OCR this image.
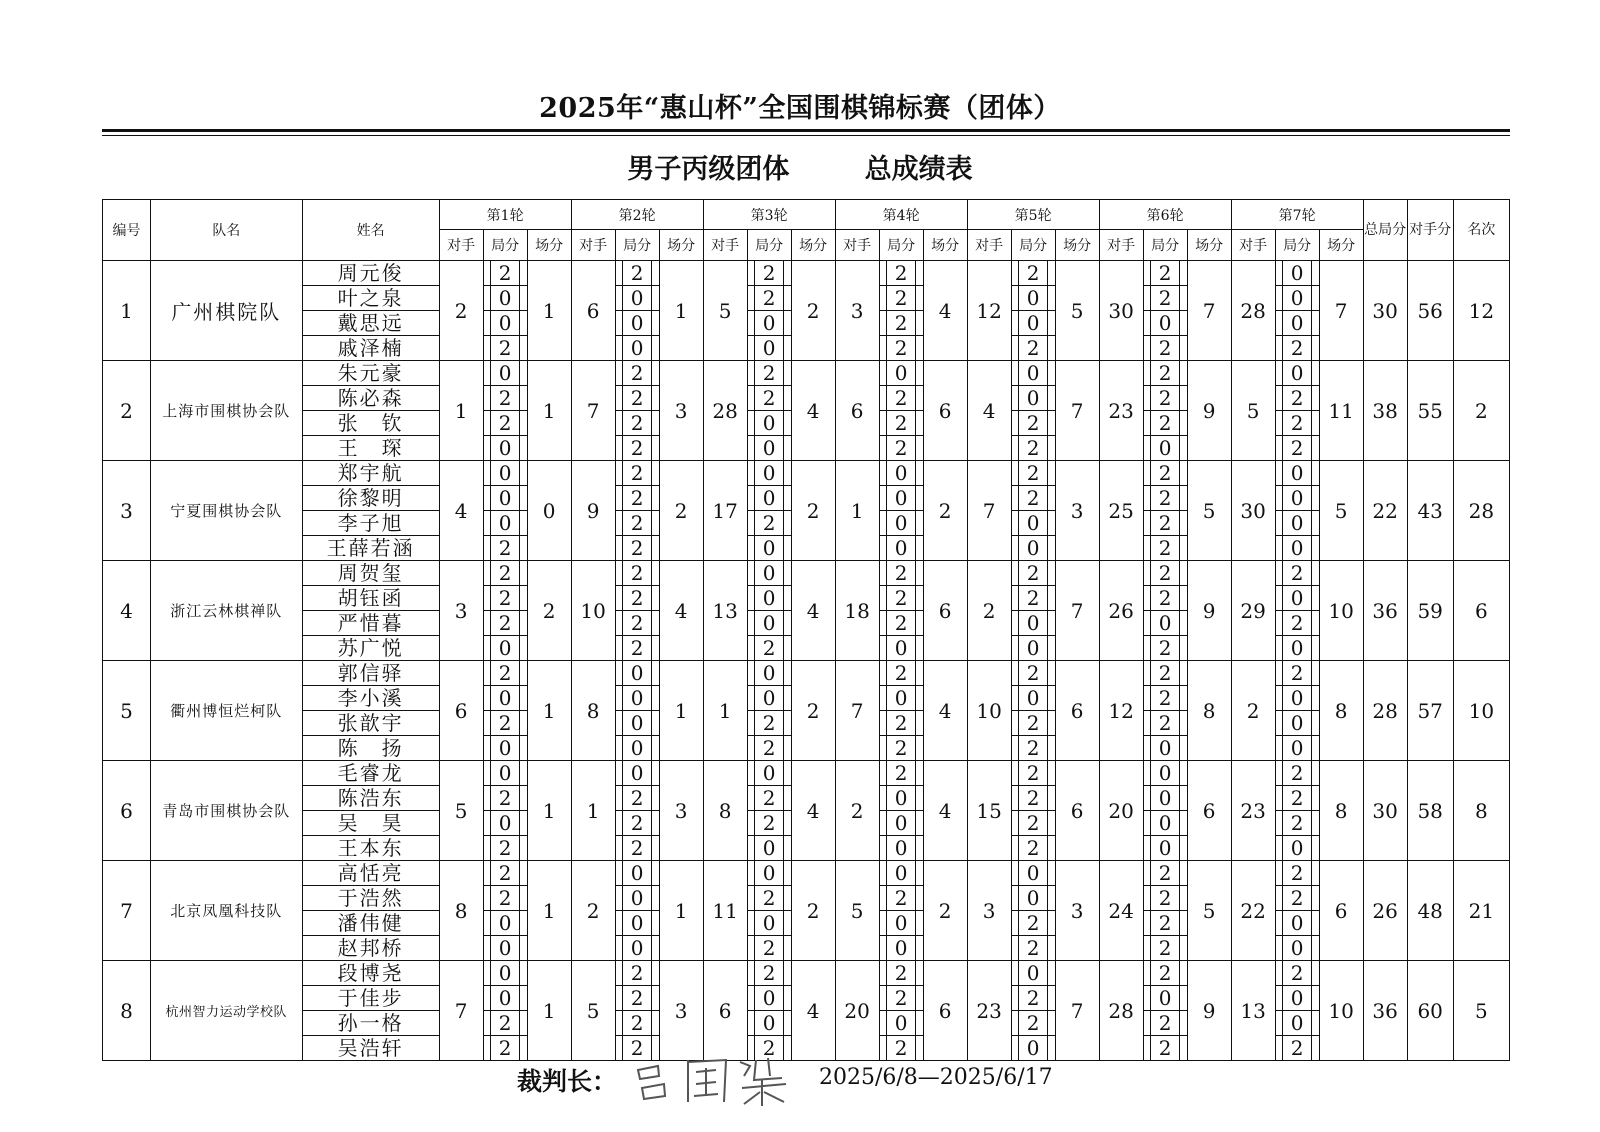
2025年“惠山杯”全国围棋锦标赛（团体）
男子丙级团体        总成绩表
编号	队名	姓名	第1轮			第2轮			第3轮			第4轮			第5轮			第6轮			第7轮			总局分	对手分	名次
			对手	局分	场分	对手	局分	场分	对手	局分	场分	对手	局分	场分	对手	局分	场分	对手	局分	场分	对手	局分	场分			
1	广州棋院队	周元俊	2	2	1	6	2	1	5	2	2	3	2	4	12	2	5	30	2	7	28	0	7	30	56	12
		叶之泉		0			0			2			2			0			2			0				

		戴思远		0			0			0			2			0			0			0				

		戚泽楠		2			0			0			2			2			2			2				

2	上海市围棋协会队	朱元豪	1	0	1	7	2	3	28	2	4	6	0	6	4	0	7	23	2	9	5	0	11	38	55	2
		陈必森		2			2			2			2			0			2			2				

		张　钦		2			2			0			2			2			2			2				

		王　琛		0			2			0			2			2			0			2				

3	宁夏围棋协会队	郑宇航	4	0	0	9	2	2	17	0	2	1	0	2	7	2	3	25	2	5	30	0	5	22	43	28
		徐黎明		0			2			0			0			2			2			0				

		李子旭		0			2			2			0			0			2			0				

		王薛若涵		2			2			0			0			0			2			0				

4	浙江云林棋禅队	周贺玺	3	2	2	10	2	4	13	0	4	18	2	6	2	2	7	26	2	9	29	2	10	36	59	6
		胡钰函		2			2			0			2			2			2			0				

		严惜暮		2			2			0			2			0			0			2				

		苏广悦		0			2			2			0			0			2			0				

5	衢州博恒烂柯队	郭信驿	6	2	1	8	0	1	1	0	2	7	2	4	10	2	6	12	2	8	2	2	8	28	57	10
		李小溪		0			0			0			0			0			2			0				

		张歆宇		2			0			2			2			2			2			0				

		陈　扬		0			0			2			2			2			0			0				

6	青岛市围棋协会队	毛睿龙	5	0	1	1	0	3	8	0	4	2	2	4	15	2	6	20	0	6	23	2	8	30	58	8
		陈浩东		2			2			2			0			2			0			2				

		吴　昊		0			2			2			0			2			0			2				

		王本东		2			2			0			0			2			0			0				

7	北京凤凰科技队	高恬亮	8	2	1	2	0	1	11	0	2	5	0	2	3	0	3	24	2	5	22	2	6	26	48	21
		于浩然		2			0			2			2			0			2			2				

		潘伟健		0			0			0			0			2			2			0				

		赵邦桥		0			0			2			0			2			2			0				

8	杭州智力运动学校队	段博尧	7	0	1	5	2	3	6	2	4	20	2	6	23	0	7	28	2	9	13	2	10	36	60	5
		于佳步		0			2			0			2			2			0			0				

		孙一格		2			2			0			0			2			2			0				

		吴浩轩		2			2			2			2			0			2			2				
裁判长：	2025/6/8—2025/6/17
